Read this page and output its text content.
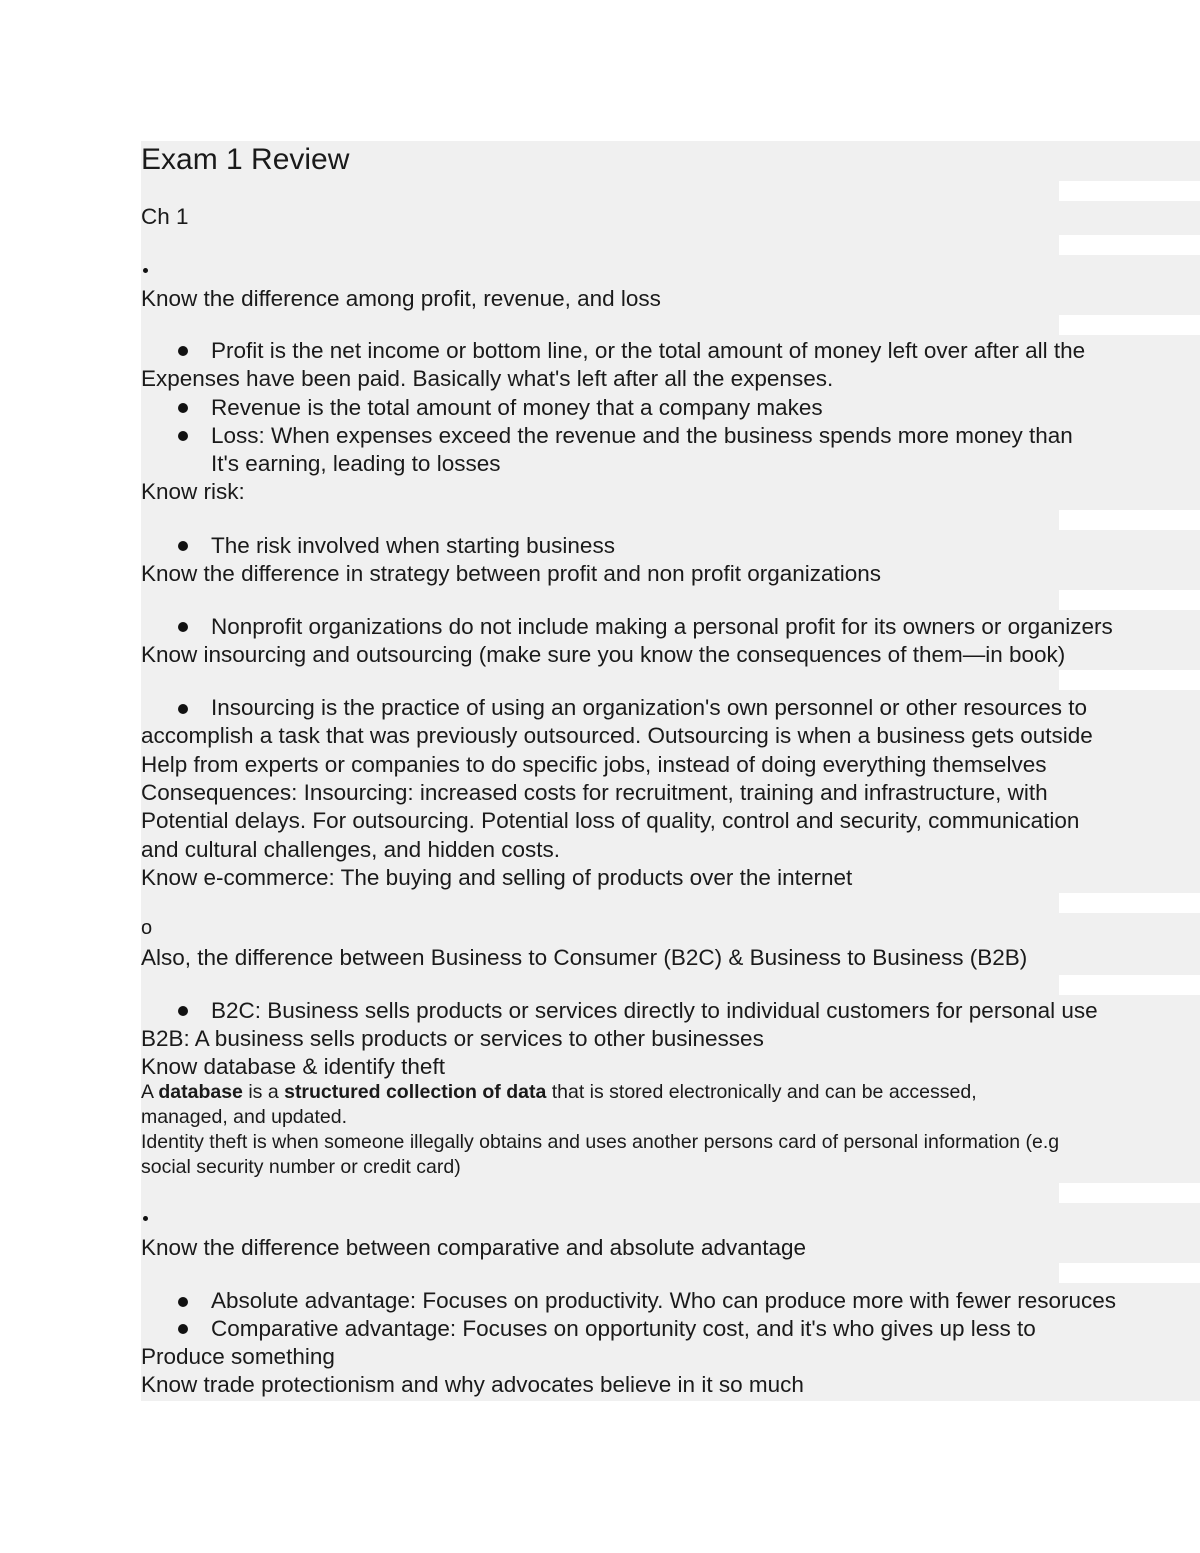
Exam 1 Review

Ch 1

Know the difference among profit, revenue, and loss

Profit is the net income or bottom line, or the total amount of money left over after all the

Expenses have been paid. Basically what's left after all the expenses.

Revenue is the total amount of money that a company makes

Loss: When expenses exceed the revenue and the business spends more money than

It's earning, leading to losses

Know risk:

The risk involved when starting business

Know the difference in strategy between profit and non profit organizations

Nonprofit organizations do not include making a personal profit for its owners or organizers

Know insourcing and outsourcing (make sure you know the consequences of them—in book)

Insourcing is the practice of using an organization's own personnel or other resources to

accomplish a task that was previously outsourced. Outsourcing is when a business gets outside

Help from experts or companies to do specific jobs, instead of doing everything themselves

Consequences: Insourcing: increased costs for recruitment, training and infrastructure, with

Potential delays. For outsourcing. Potential loss of quality, control and security, communication

and cultural challenges, and hidden costs.

Know e-commerce: The buying and selling of products over the internet

o

Also, the difference between Business to Consumer (B2C) & Business to Business (B2B)

B2C: Business sells products or services directly to individual customers for personal use

B2B: A business sells products or services to other businesses

Know database & identify theft

A database is a structured collection of data that is stored electronically and can be accessed,

managed, and updated.

Identity theft is when someone illegally obtains and uses another persons card of personal information (e.g

social security number or credit card)

Know the difference between comparative and absolute advantage

Absolute advantage: Focuses on productivity. Who can produce more with fewer resoruces

Comparative advantage: Focuses on opportunity cost, and it's who gives up less to

Produce something

Know trade protectionism and why advocates believe in it so much
